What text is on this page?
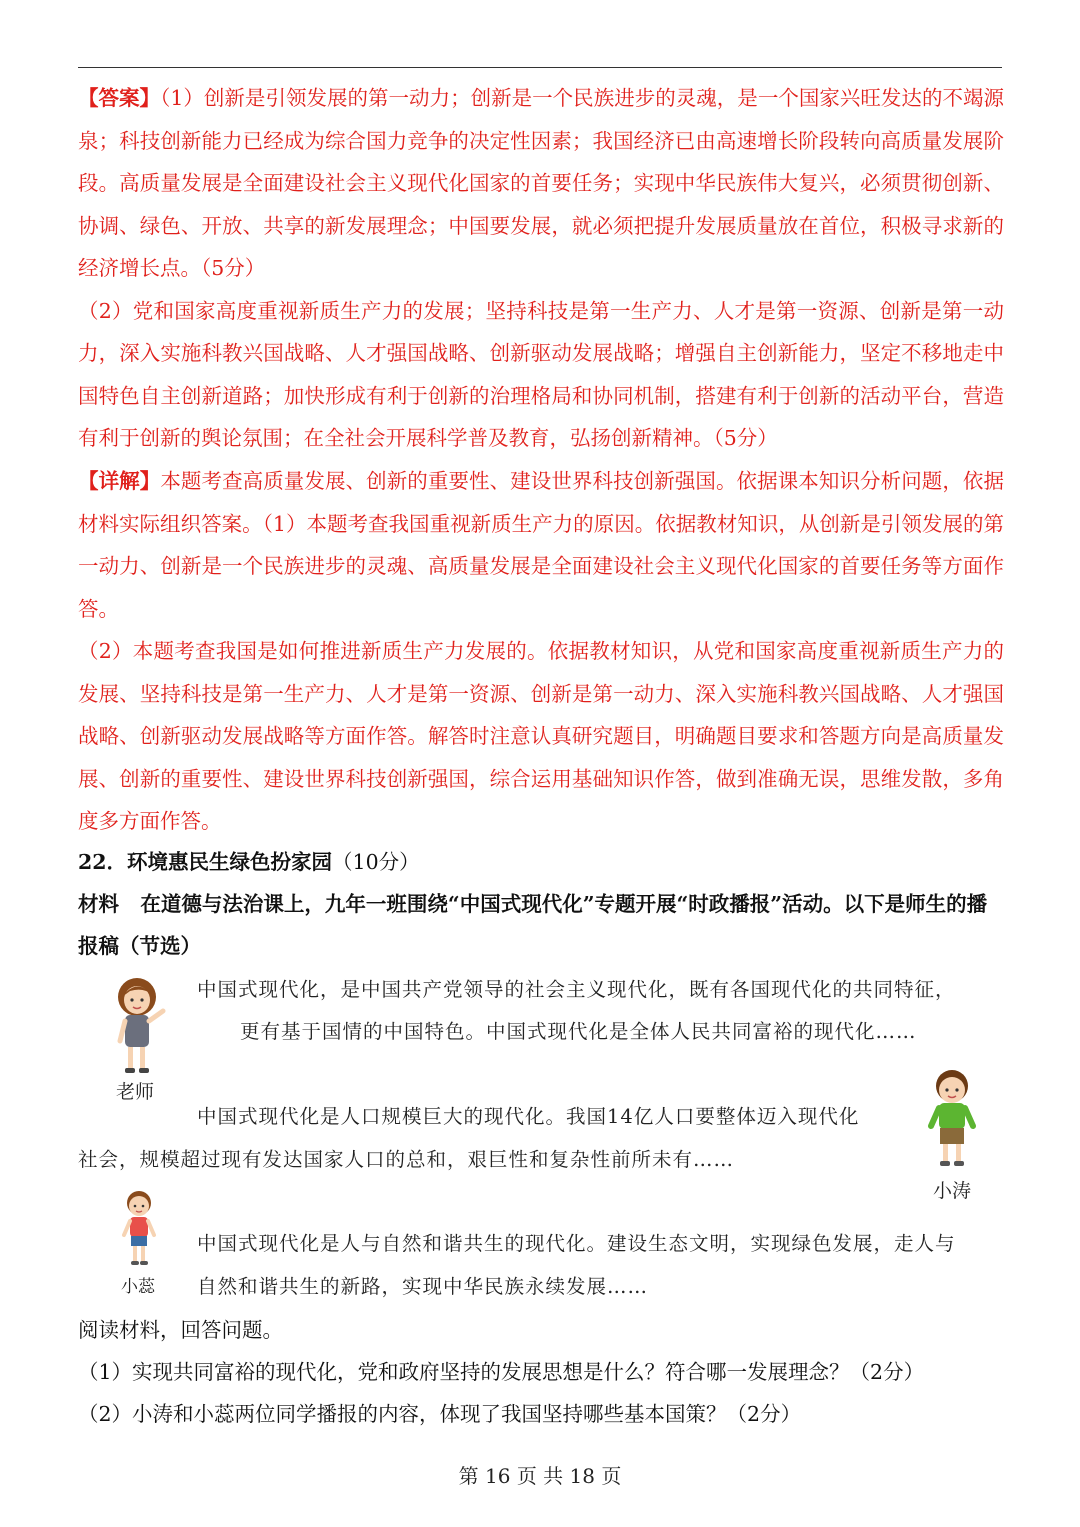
【答案】（1）创新是引领发展的第一动力；创新是一个民族进步的灵魂，是一个国家兴旺发达的不竭源泉；科技创新能力已经成为综合国力竞争的决定性因素；我国经济已由高速增长阶段转向高质量发展阶段。高质量发展是全面建设社会主义现代化国家的首要任务；实现中华民族伟大复兴，必须贯彻创新、协调、绿色、开放、共享的新发展理念；中国要发展，就必须把提升发展质量放在首位，积极寻求新的经济增长点。（5分）

（2）党和国家高度重视新质生产力的发展；坚持科技是第一生产力、人才是第一资源、创新是第一动力，深入实施科教兴国战略、人才强国战略、创新驱动发展战略；增强自主创新能力，坚定不移地走中国特色自主创新道路；加快形成有利于创新的治理格局和协同机制，搭建有利于创新的活动平台，营造有利于创新的舆论氛围；在全社会开展科学普及教育，弘扬创新精神。（5分）

【详解】本题考查高质量发展、创新的重要性、建设世界科技创新强国。依据课本知识分析问题，依据材料实际组织答案。（1）本题考查我国重视新质生产力的原因。依据教材知识，从创新是引领发展的第一动力、创新是一个民族进步的灵魂、高质量发展是全面建设社会主义现代化国家的首要任务等方面作答。

（2）本题考查我国是如何推进新质生产力发展的。依据教材知识，从党和国家高度重视新质生产力的发展、坚持科技是第一生产力、人才是第一资源、创新是第一动力、深入实施科教兴国战略、人才强国战略、创新驱动发展战略等方面作答。解答时注意认真研究题目，明确题目要求和答题方向是高质量发展、创新的重要性、建设世界科技创新强国，综合运用基础知识作答，做到准确无误，思维发散，多角度多方面作答。

22．环境惠民生绿色扮家园（10分）

材料 在道德与法治课上，九年一班围绕“中国式现代化”专题开展“时政播报”活动。以下是师生的播报稿（节选）

老师
中国式现代化，是中国共产党领导的社会主义现代化，既有各国现代化的共同特征，
更有基于国情的中国特色。中国式现代化是全体人民共同富裕的现代化……
中国式现代化是人口规模巨大的现代化。我国14亿人口要整体迈入现代化
社会，规模超过现有发达国家人口的总和，艰巨性和复杂性前所未有……
小涛
小蕊
中国式现代化是人与自然和谐共生的现代化。建设生态文明，实现绿色发展，走人与
自然和谐共生的新路，实现中华民族永续发展……

阅读材料，回答问题。

（1）实现共同富裕的现代化，党和政府坚持的发展思想是什么？符合哪一发展理念？（2分）

（2）小涛和小蕊两位同学播报的内容，体现了我国坚持哪些基本国策？（2分）

第 16 页 共 18 页
